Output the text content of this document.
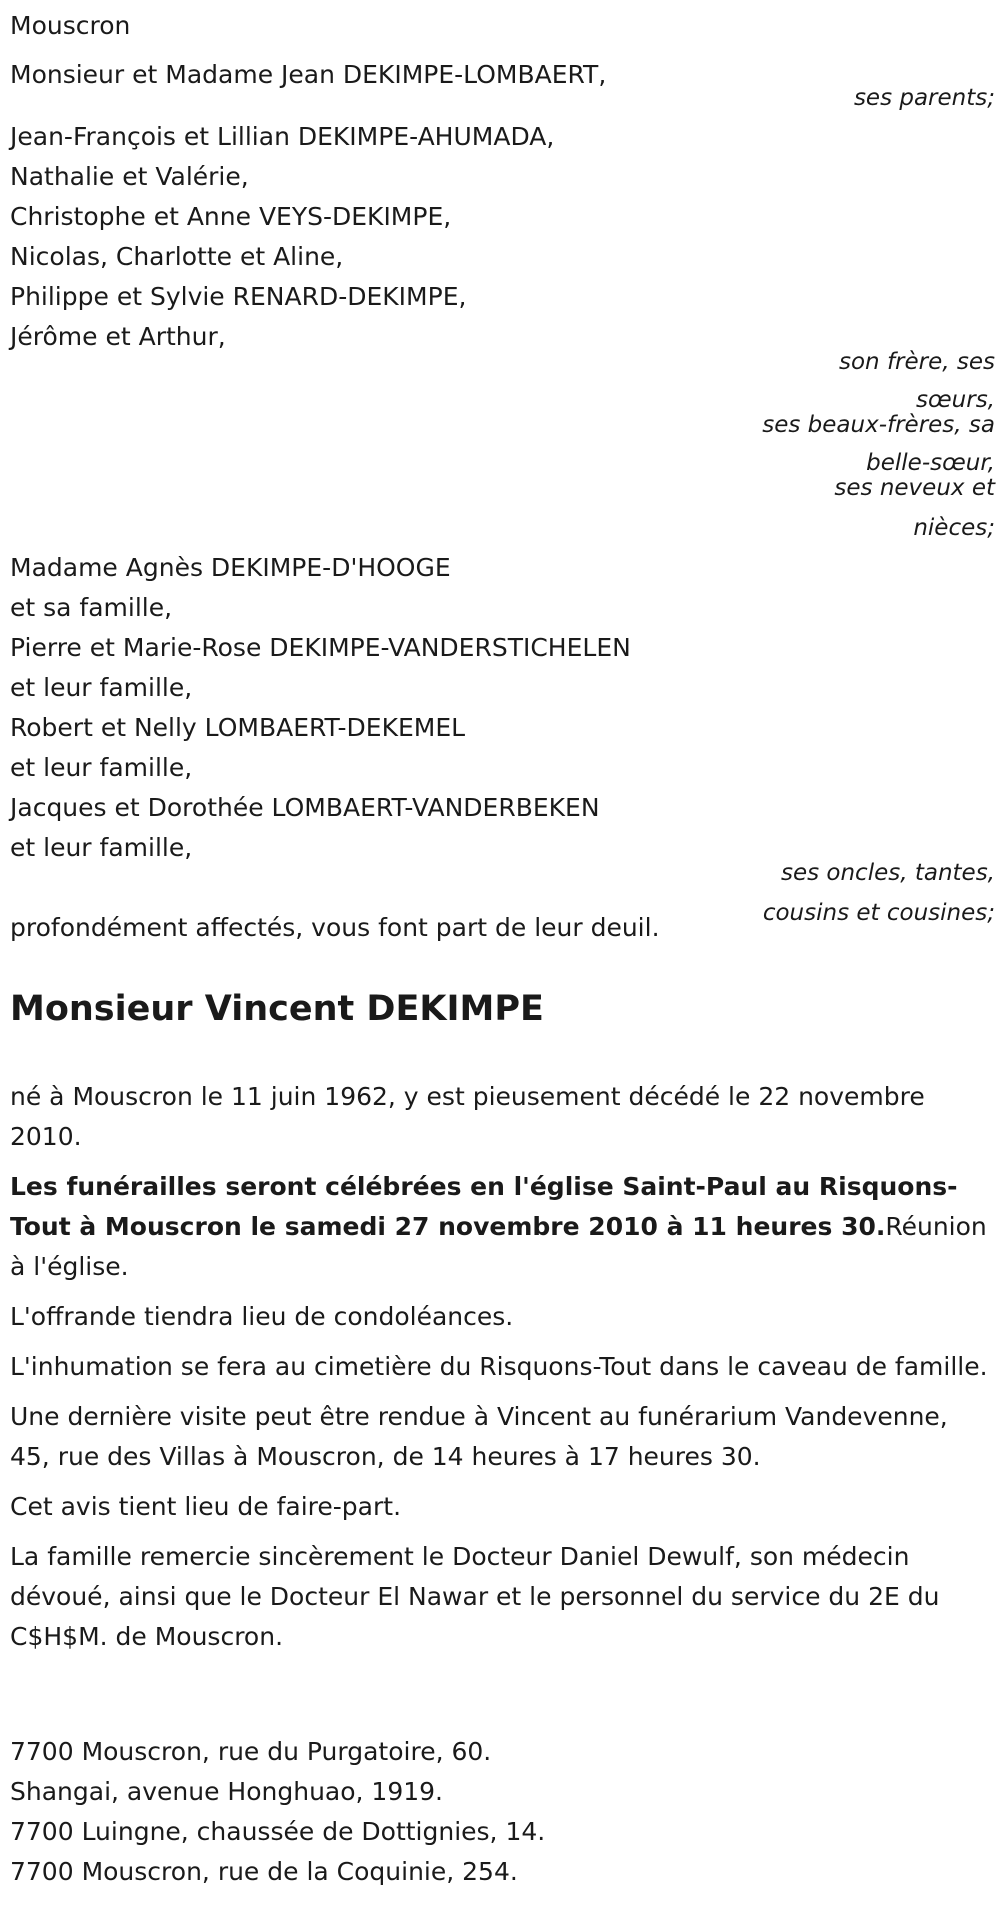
Mouscron

Monsieur et Madame Jean DEKIMPE-LOMBAERT,

ses parents;

Jean-François et Lillian DEKIMPE-AHUMADA,

Nathalie et Valérie,

Christophe et Anne VEYS-DEKIMPE,

Nicolas, Charlotte et Aline,

Philippe et Sylvie RENARD-DEKIMPE,

Jérôme et Arthur,

son frère, ses
sœurs,
ses beaux-frères, sa
belle-sœur,
ses neveux et
nièces;

Madame Agnès DEKIMPE-D'HOOGE

et sa famille,

Pierre et Marie-Rose DEKIMPE-VANDERSTICHELEN

et leur famille,

Robert et Nelly LOMBAERT-DEKEMEL

et leur famille,

Jacques et Dorothée LOMBAERT-VANDERBEKEN

et leur famille,

ses oncles, tantes,
cousins et cousines;

profondément affectés, vous font part de leur deuil.

Monsieur Vincent DEKIMPE

né à Mouscron le 11 juin 1962, y est pieusement décédé le 22 novembre 2010.

Les funérailles seront célébrées en l'église Saint-Paul au Risquons-Tout à Mouscron le samedi 27 novembre 2010 à 11 heures 30.Réunion à l'église.

L'offrande tiendra lieu de condoléances.

L'inhumation se fera au cimetière du Risquons-Tout dans le caveau de famille.

Une dernière visite peut être rendue à Vincent au funérarium Vandevenne, 45, rue des Villas à Mouscron, de 14 heures à 17 heures 30.

Cet avis tient lieu de faire-part.

La famille remercie sincèrement le Docteur Daniel Dewulf, son médecin dévoué, ainsi que le Docteur El Nawar et le personnel du service du 2E du C$H$M. de Mouscron.

7700 Mouscron, rue du Purgatoire, 60.

Shangai, avenue Honghuao, 1919.

7700 Luingne, chaussée de Dottignies, 14.

7700 Mouscron, rue de la Coquinie, 254.
